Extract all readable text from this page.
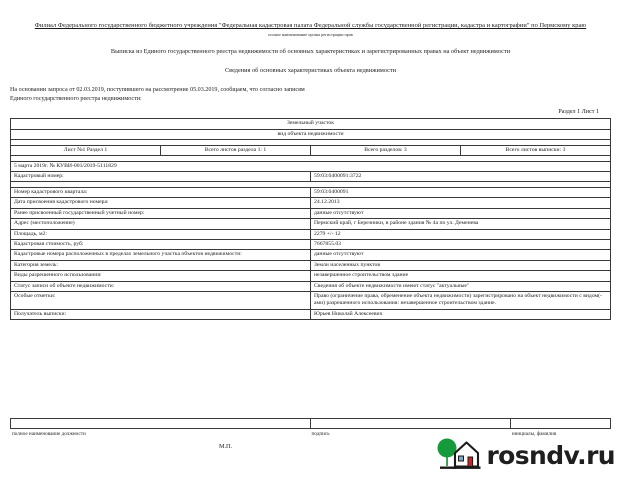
Филиал Федерального государственного бюджетного учреждения "Федеральная кадастровая палата Федеральной службы государственной регистрации, кадастра и картографии" по Пермскому краю
полное наименование органа регистрации прав
Выписка из Единого государственного реестра недвижимости об основных характеристиках и зарегистрированных правах на объект недвижимости
Сведения об основных характеристиках объекта недвижимости

На основании запроса от 02.03.2019, поступившего на рассмотрение 05.03.2019, сообщаем, что согласно записям

Единого государственного реестра недвижимости:

Раздел 1 Лист 1
Земельный участок			
вид объекта недвижимости			

Лист №1 Раздел 1	Всего листов раздела 1: 1	Всего разделов: 3	Всего листов выписки: 3

5 марта 2019г. № КУВИ-001/2019-5111829			
Кадастровый номер:		59:03:0400091:3722	

Номер кадастрового квартала:		59:03:0400091	
Дата присвоения кадастрового номера:		24.12.2013	
Ранее присвоенный государственный учетный номер:		данные отсутствуют	
Адрес (местоположение)		Пермский край, г Березники, в районе здания № 4а по ул. Деменева	
Площадь, м2:		2279 +/- 12	
Кадастровая стоимость, руб:		7667855.03	
Кадастровые номера расположенных в пределах земельного участка объектов недвижимости:		данные отсутствуют	
Категория земель:		Земли населенных пунктов	
Виды разрешенного использования:		незавершенное строительством здание	
Статус записи об объекте недвижимости:		Сведения об объекте недвижимости имеют статус "актуальные"	
Особые отметки:		Право (ограничение права, обременение объекта недвижимости) зарегистрировано на объект недвижимости с видом(-ами) разрешенного использования: незавершенное строительством здание.	
Получатель выписки:		Юрьев Николай Алексеевич	

полное наименование должности	подпись	инициалы, фамилия
М.П.	rosndv.ru
